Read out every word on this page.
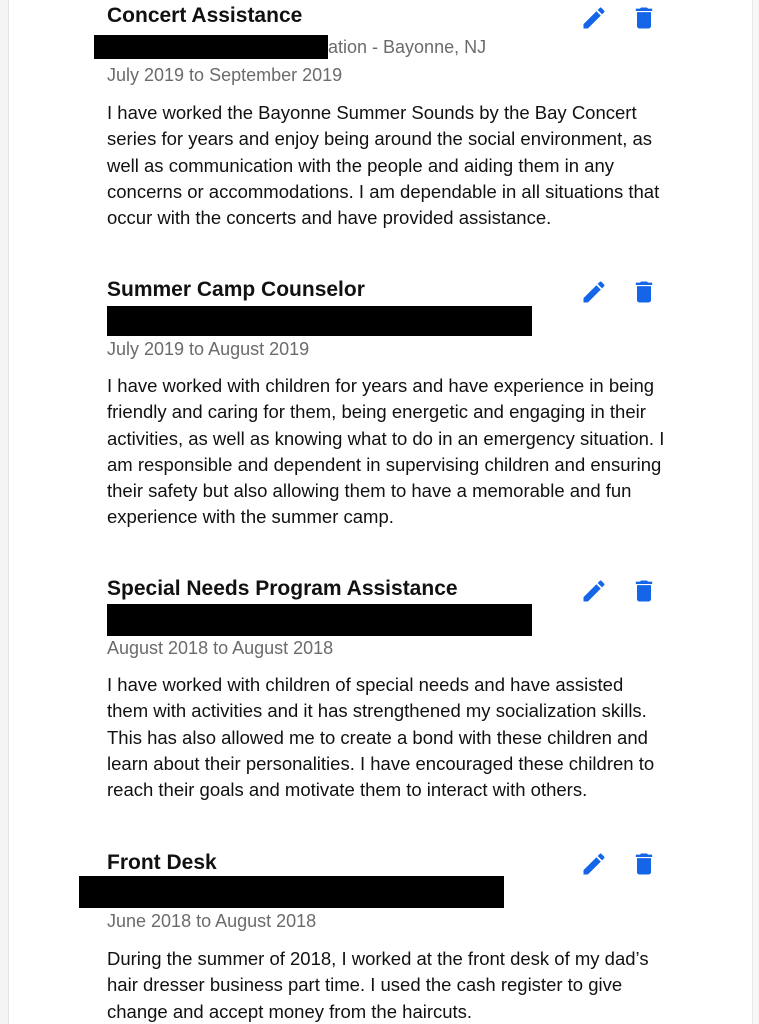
Concert Assistance
ation - Bayonne, NJ
July 2019 to September 2019
I have worked the Bayonne Summer Sounds by the Bay Concert series for years and enjoy being around the social environment, as well as communication with the people and aiding them in any concerns or accommodations. I am dependable in all situations that occur with the concerts and have provided assistance.
Summer Camp Counselor
July 2019 to August 2019
I have worked with children for years and have experience in being friendly and caring for them, being energetic and engaging in their activities, as well as knowing what to do in an emergency situation. I am responsible and dependent in supervising children and ensuring their safety but also allowing them to have a memorable and fun experience with the summer camp.
Special Needs Program Assistance
August 2018 to August 2018
I have worked with children of special needs and have assisted them with activities and it has strengthened my socialization skills. This has also allowed me to create a bond with these children and learn about their personalities. I have encouraged these children to reach their goals and motivate them to interact with others.
Front Desk
June 2018 to August 2018
During the summer of 2018, I worked at the front desk of my dad’s hair dresser business part time. I used the cash register to give change and accept money from the haircuts.
